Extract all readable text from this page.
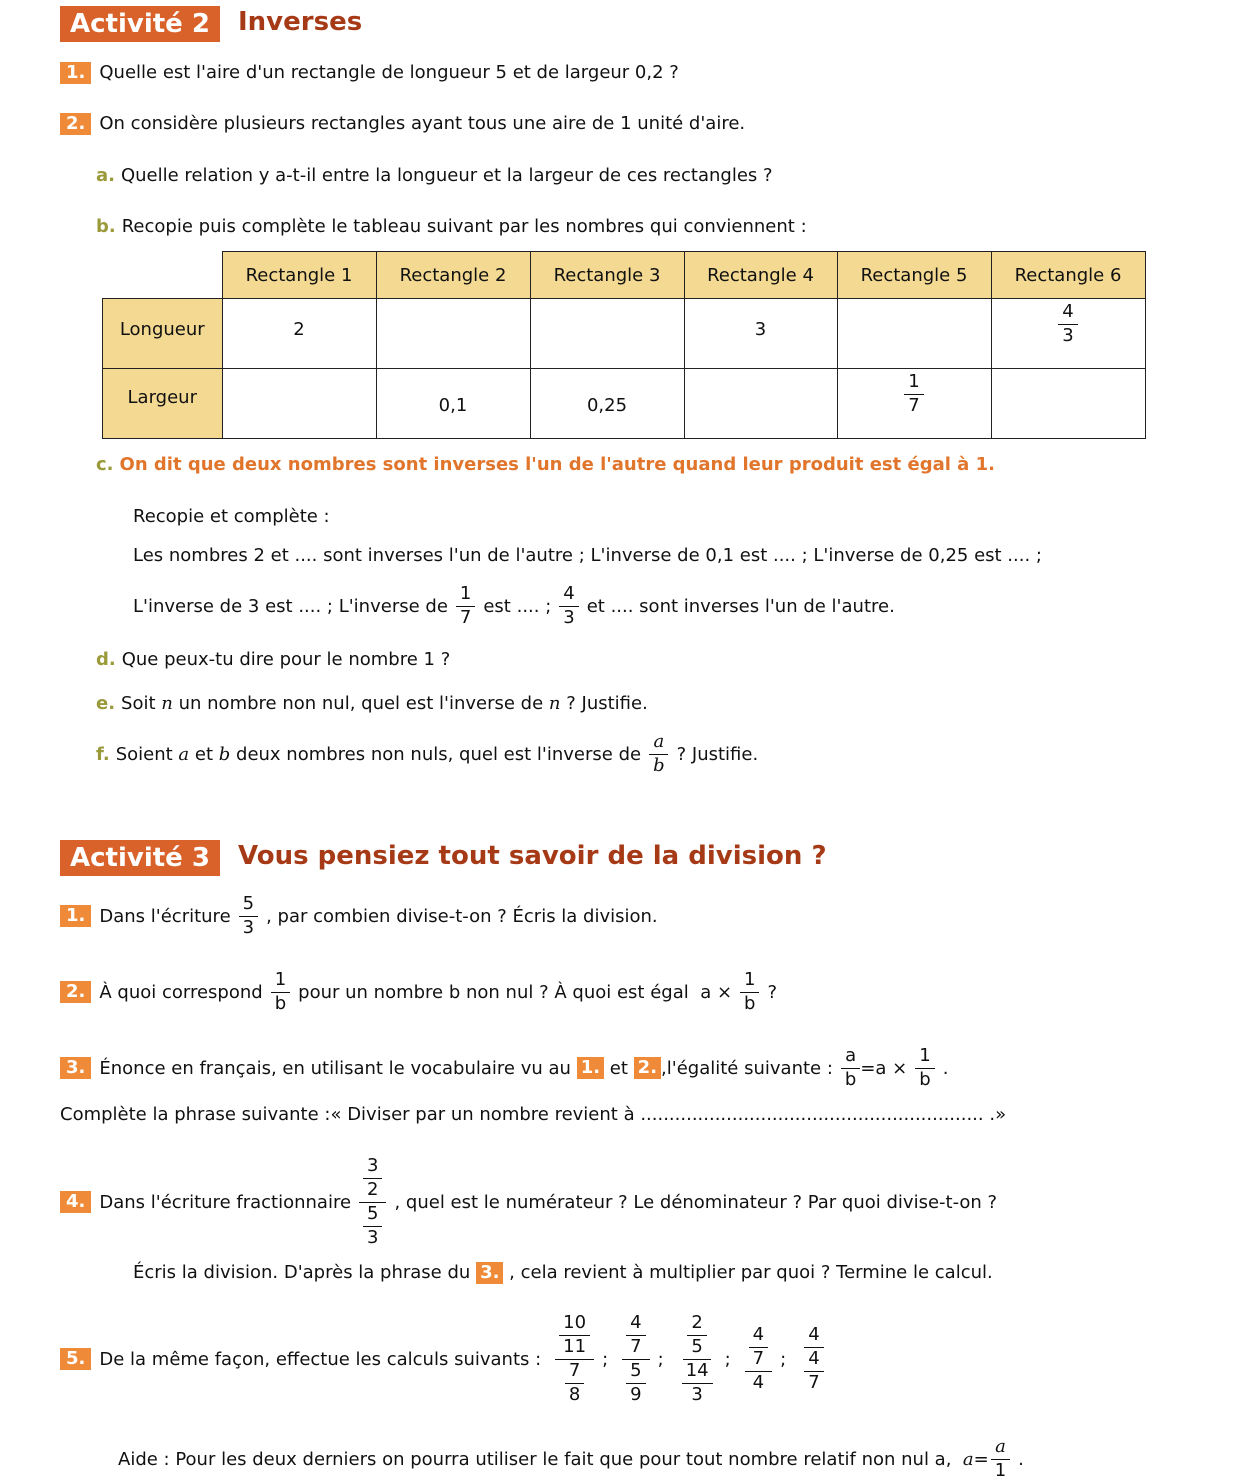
Activité 2	Inverses
1. Quelle est l'aire d'un rectangle de longueur 5 et de largeur 0,2 ?
2. On considère plusieurs rectangles ayant tous une aire de 1 unité d'aire.
a. Quelle relation y a-t-il entre la longueur et la largeur de ces rectangles ?
b. Recopie puis complète le tableau suivant par les nombres qui conviennent :
	Rectangle 1	Rectangle 2	Rectangle 3	Rectangle 4	Rectangle 5	Rectangle 6
Longueur	2			3		$\frac{4}{3}$

Largeur		0,1	0,25		$\frac{1}{7}$

c. On dit que deux nombres sont inverses l'un de l'autre quand leur produit est égal à 1.
Recopie et complète :
Les nombres 2 et .... sont inverses l'un de l'autre ; L'inverse de 0,1 est .... ; L'inverse de 0,25 est .... ;
L'inverse de 3 est .... ; L'inverse de $\frac{1}{7}$ est .... ; $\frac{4}{3}$ et .... sont inverses l'un de l'autre.
d. Que peux-tu dire pour le nombre 1 ?
e. Soit n un nombre non nul, quel est l'inverse de n ? Justifie.
f. Soient
a
et
b
deux nombres non nuls, quel est l'inverse de $\frac{a}{b}$ ? Justifie.
Activité 3	Vous pensiez tout savoir de la division ?
1. Dans l'écriture $\frac{5}{3}$ , par combien divise-t-on ? Écris la division.
2. À quoi correspond $\frac{1}{b}$ pour un nombre b non nul ? À quoi est égal
$a \times \frac{1}{b}$ ?
3. Énonce en français, en utilisant le vocabulaire vu au
1.
et
2. ,l'égalité suivante : $\frac{a}{b} =a \times \frac{1}{b}$ .
Complète la phrase suivante :« Diviser par un nombre revient à ............................................................ .»
4. Dans l'écriture fractionnaire $\frac{\frac{3}{2}}{\frac{5}{3}}$ , quel est le numérateur ? Le dénominateur ? Par quoi divise-t-on ?
Écris la division. D'après la phrase du 3. , cela revient à multiplier par quoi ? Termine le calcul.
5. De la même façon, effectue les calculs suivants : $\frac{\frac{10}{11}}{\frac{7}{8}}$ ; $\frac{\frac{4}{7}}{\frac{5}{9}}$ ; $\frac{\frac{2}{5}}{\frac{14}{3}}$ ; $\frac{\frac{4}{7}}{4}$ ; $\frac{4}{\frac{4}{7}}$
Aide : Pour les deux derniers on pourra utiliser le fait que pour tout nombre relatif non nul a,
$a = \frac{a}{1}$ .
